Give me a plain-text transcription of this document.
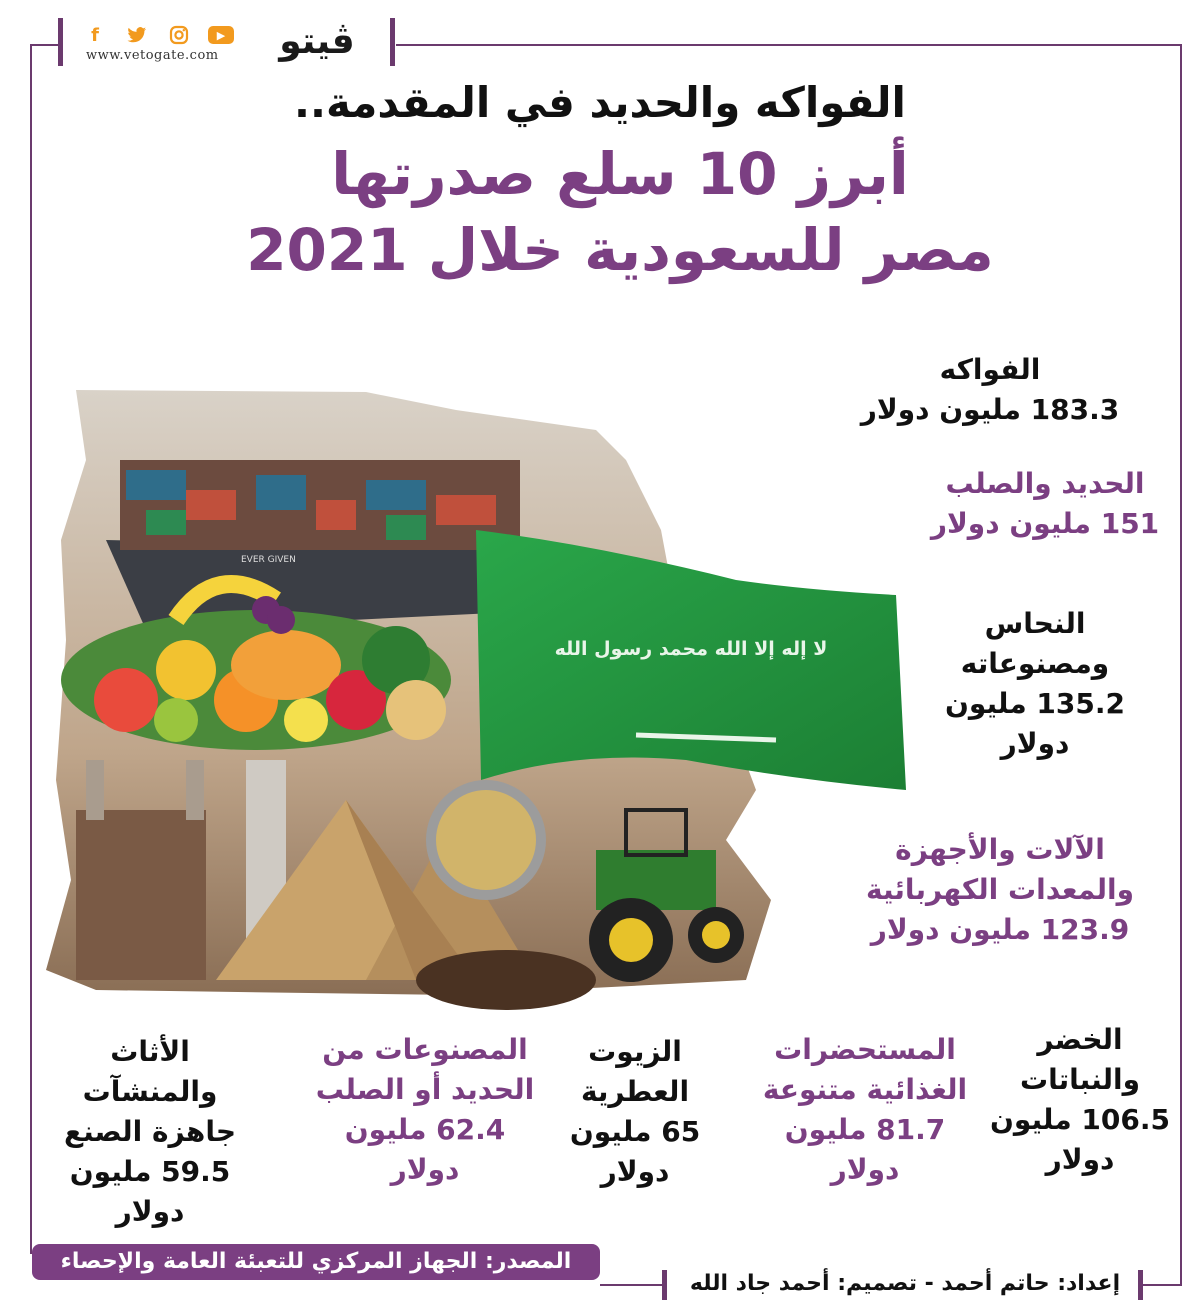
f	▶
www.vetogate.com	ڤيتو
الفواكه والحديد في المقدمة..
أبرز 10 سلع صدرتها
مصر للسعودية خلال 2021
EVER GIVEN
لا إله إلا الله محمد رسول الله
الفواكه
183.3 مليون دولار
الحديد والصلب
151 مليون دولار
النحاس
ومصنوعاته
135.2 مليون
دولار
الآلات والأجهزة
والمعدات الكهربائية
123.9 مليون دولار
الخضر
والنباتات
106.5 مليون
دولار
المستحضرات
الغذائية متنوعة
81.7 مليون
دولار
الزيوت
العطرية
65 مليون
دولار
المصنوعات من
الحديد أو الصلب
62.4 مليون
دولار
الأثاث
والمنشآت
جاهزة الصنع
59.5 مليون
دولار
المصدر: الجهاز المركزي للتعبئة العامة والإحصاء
إعداد: حاتم أحمد - تصميم: أحمد جاد الله
